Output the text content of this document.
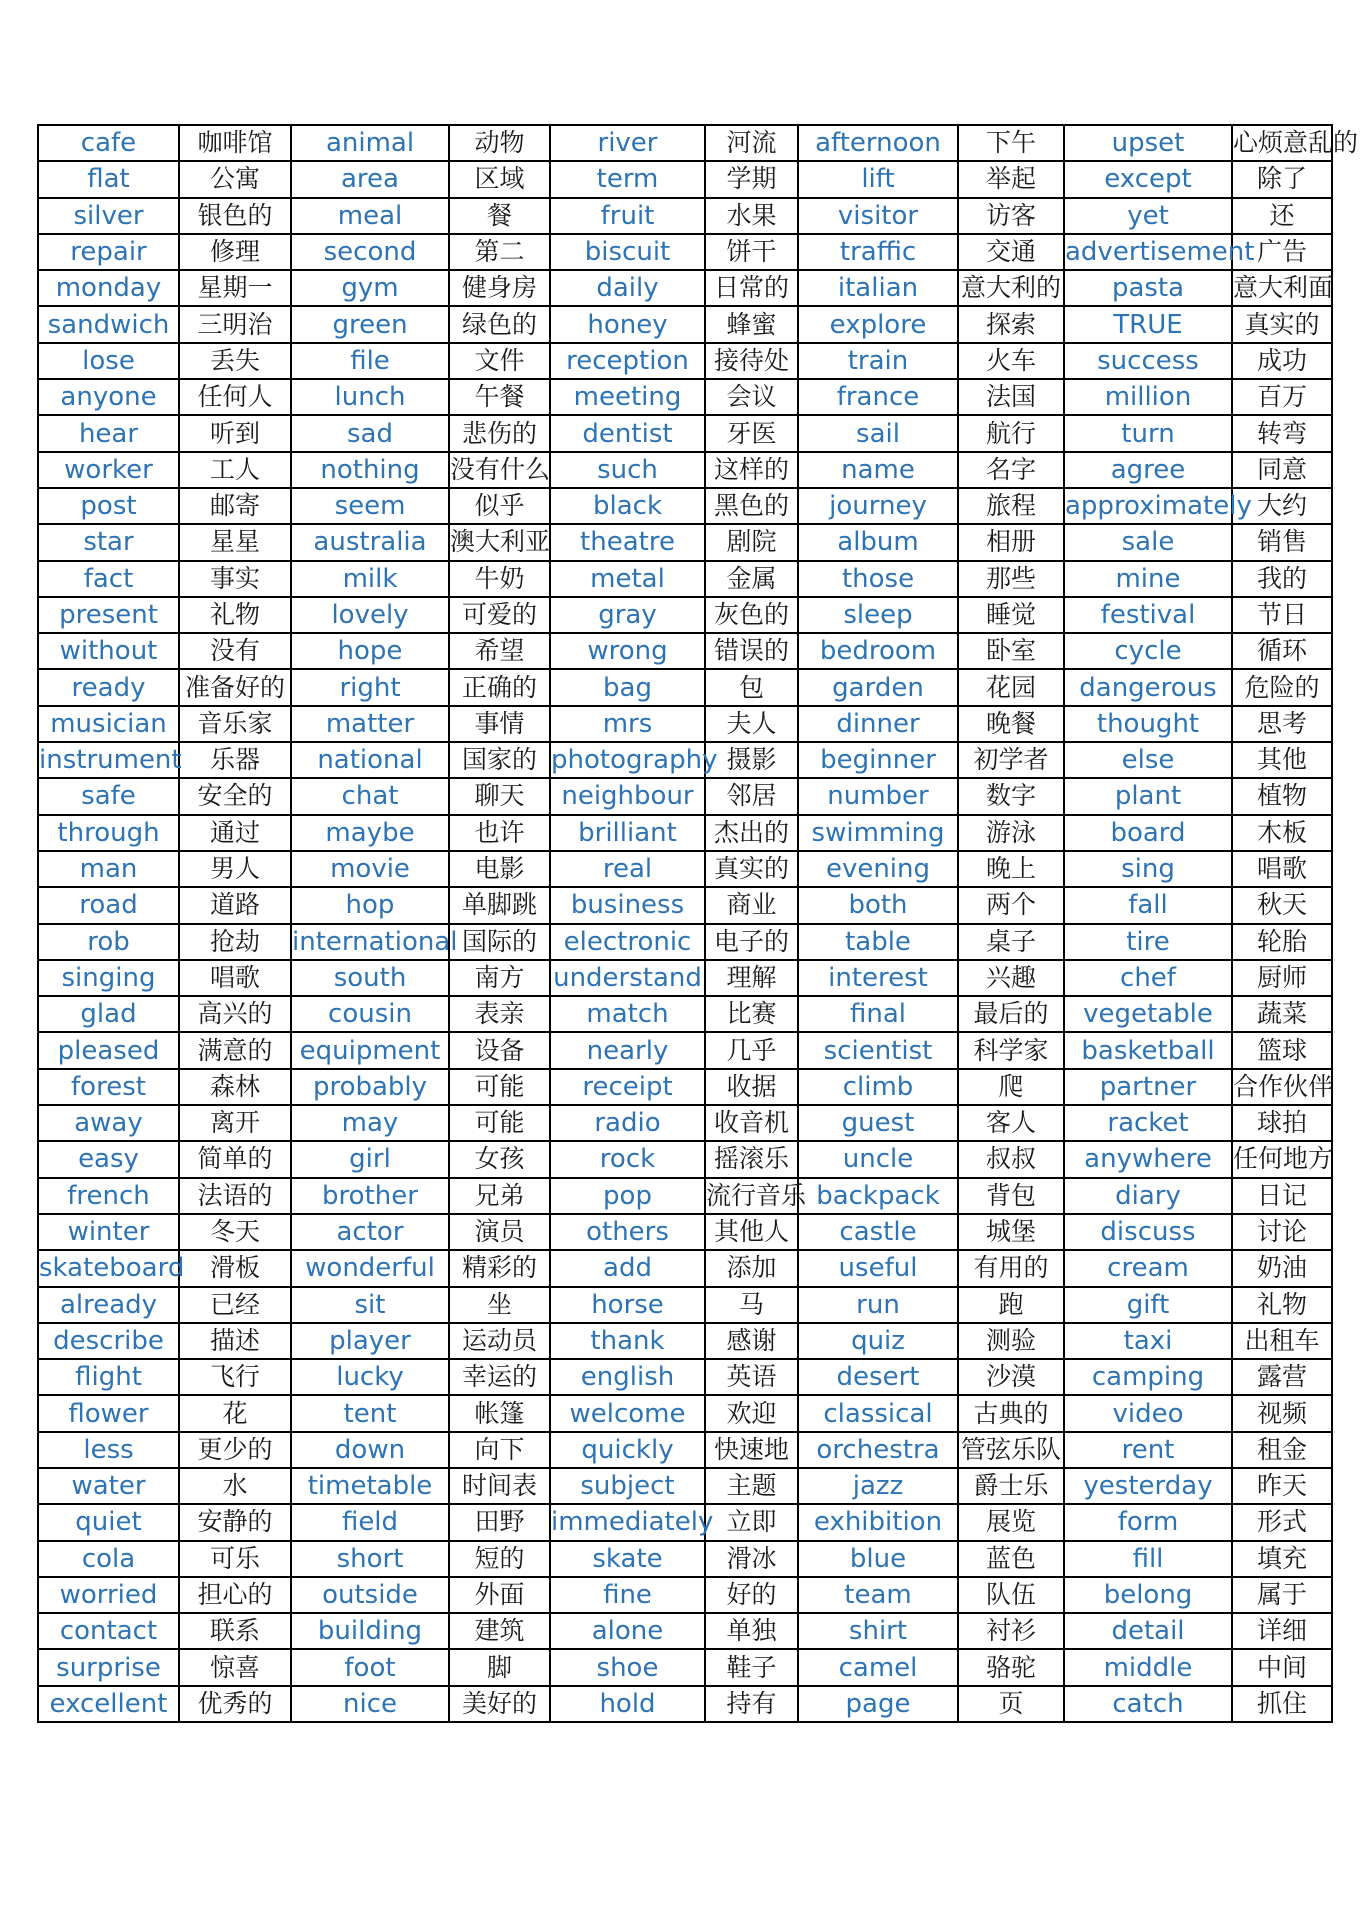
cafe	咖啡馆	animal	动物	river	河流	afternoon	下午	upset	心烦意乱的
flat	公寓	area	区域	term	学期	lift	举起	except	除了
silver	银色的	meal	餐	fruit	水果	visitor	访客	yet	还
repair	修理	second	第二	biscuit	饼干	traffic	交通	advertisement	广告
monday	星期一	gym	健身房	daily	日常的	italian	意大利的	pasta	意大利面
sandwich	三明治	green	绿色的	honey	蜂蜜	explore	探索	TRUE	真实的
lose	丢失	file	文件	reception	接待处	train	火车	success	成功
anyone	任何人	lunch	午餐	meeting	会议	france	法国	million	百万
hear	听到	sad	悲伤的	dentist	牙医	sail	航行	turn	转弯
worker	工人	nothing	没有什么	such	这样的	name	名字	agree	同意
post	邮寄	seem	似乎	black	黑色的	journey	旅程	approximately	大约
star	星星	australia	澳大利亚	theatre	剧院	album	相册	sale	销售
fact	事实	milk	牛奶	metal	金属	those	那些	mine	我的
present	礼物	lovely	可爱的	gray	灰色的	sleep	睡觉	festival	节日
without	没有	hope	希望	wrong	错误的	bedroom	卧室	cycle	循环
ready	准备好的	right	正确的	bag	包	garden	花园	dangerous	危险的
musician	音乐家	matter	事情	mrs	夫人	dinner	晚餐	thought	思考
instrument	乐器	national	国家的	photography	摄影	beginner	初学者	else	其他
safe	安全的	chat	聊天	neighbour	邻居	number	数字	plant	植物
through	通过	maybe	也许	brilliant	杰出的	swimming	游泳	board	木板
man	男人	movie	电影	real	真实的	evening	晚上	sing	唱歌
road	道路	hop	单脚跳	business	商业	both	两个	fall	秋天
rob	抢劫	international	国际的	electronic	电子的	table	桌子	tire	轮胎
singing	唱歌	south	南方	understand	理解	interest	兴趣	chef	厨师
glad	高兴的	cousin	表亲	match	比赛	final	最后的	vegetable	蔬菜
pleased	满意的	equipment	设备	nearly	几乎	scientist	科学家	basketball	篮球
forest	森林	probably	可能	receipt	收据	climb	爬	partner	合作伙伴
away	离开	may	可能	radio	收音机	guest	客人	racket	球拍
easy	简单的	girl	女孩	rock	摇滚乐	uncle	叔叔	anywhere	任何地方
french	法语的	brother	兄弟	pop	流行音乐	backpack	背包	diary	日记
winter	冬天	actor	演员	others	其他人	castle	城堡	discuss	讨论
skateboard	滑板	wonderful	精彩的	add	添加	useful	有用的	cream	奶油
already	已经	sit	坐	horse	马	run	跑	gift	礼物
describe	描述	player	运动员	thank	感谢	quiz	测验	taxi	出租车
flight	飞行	lucky	幸运的	english	英语	desert	沙漠	camping	露营
flower	花	tent	帐篷	welcome	欢迎	classical	古典的	video	视频
less	更少的	down	向下	quickly	快速地	orchestra	管弦乐队	rent	租金
water	水	timetable	时间表	subject	主题	jazz	爵士乐	yesterday	昨天
quiet	安静的	field	田野	immediately	立即	exhibition	展览	form	形式
cola	可乐	short	短的	skate	滑冰	blue	蓝色	fill	填充
worried	担心的	outside	外面	fine	好的	team	队伍	belong	属于
contact	联系	building	建筑	alone	单独	shirt	衬衫	detail	详细
surprise	惊喜	foot	脚	shoe	鞋子	camel	骆驼	middle	中间
excellent	优秀的	nice	美好的	hold	持有	page	页	catch	抓住
